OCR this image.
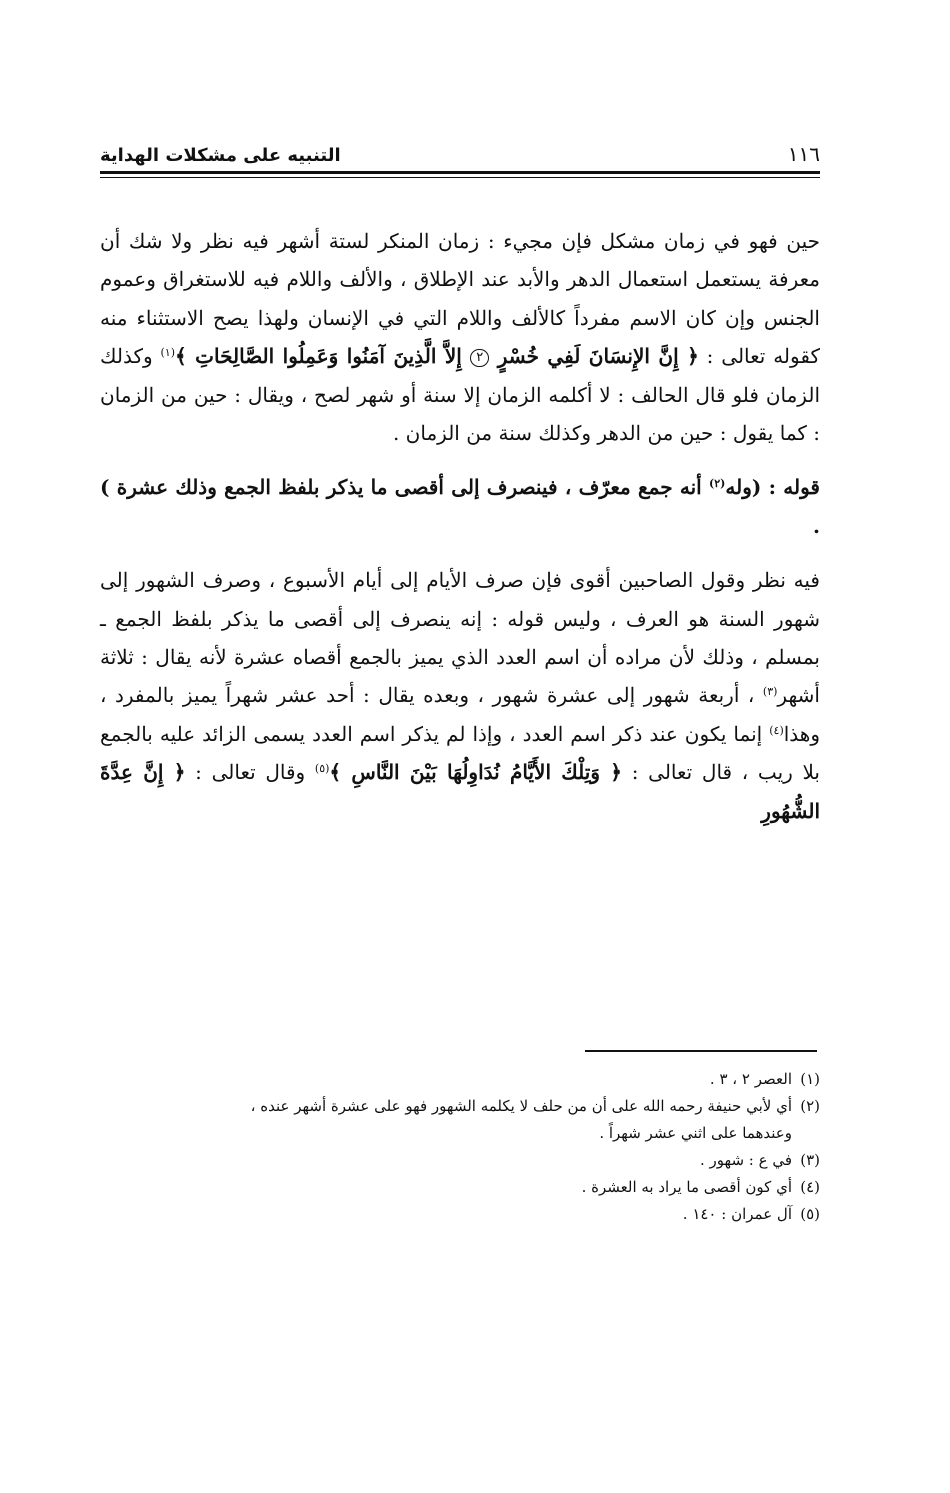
١١٦
التنبيه على مشكلات الهداية

حين فهو في زمان مشكل فإن مجيء : زمان المنكر لستة أشهر فيه نظر ولا شك أن معرفة يستعمل استعمال الدهر والأبد عند الإطلاق ، والألف واللام فيه للاستغراق وعموم الجنس وإن كان الاسم مفرداً كالألف واللام التي في الإنسان ولهذا يصح الاستثناء منه كقوله تعالى : ﴿ إِنَّ الإِنسَانَ لَفِي خُسْرٍ ٢ إِلاَّ الَّذِينَ آمَنُوا وَعَمِلُوا الصَّالِحَاتِ ﴾$^{(١)}$ وكذلك الزمان فلو قال الحالف : لا أكلمه الزمان إلا سنة أو شهر لصح ، ويقال : حين من الزمان : كما يقول : حين من الدهر وكذلك سنة من الزمان .

قوله : (وله$^{(٢)}$ أنه جمع معرّف ، فينصرف إلى أقصى ما يذكر بلفظ الجمع وذلك عشرة ) .

فيه نظر وقول الصاحبين أقوى فإن صرف الأيام إلى أيام الأسبوع ، وصرف الشهور إلى شهور السنة هو العرف ، وليس قوله : إنه ينصرف إلى أقصى ما يذكر بلفظ الجمع ـ بمسلم ، وذلك لأن مراده أن اسم العدد الذي يميز بالجمع أقصاه عشرة لأنه يقال : ثلاثة أشهر$^{(٣)}$ ، أربعة شهور إلى عشرة شهور ، وبعده يقال : أحد عشر شهراً يميز بالمفرد ، وهذا$^{(٤)}$ إنما يكون عند ذكر اسم العدد ، وإذا لم يذكر اسم العدد يسمى الزائد عليه بالجمع بلا ريب ، قال تعالى : ﴿ وَتِلْكَ الأَيَّامُ نُدَاوِلُهَا بَيْنَ النَّاسِ ﴾$^{(٥)}$ وقال تعالى : ﴿ إِنَّ عِدَّةَ الشُّهُورِ

(١)العصر ٢ ، ٣ .

(٢)أي لأبي حنيفة رحمه الله على أن من حلف لا يكلمه الشهور فهو على عشرة أشهر عنده ،

وعندهما على اثني عشر شهراً .

(٣)في ع : شهور .

(٤)أي كون أقصى ما يراد به العشرة .

(٥)آل عمران : ١٤٠ .
